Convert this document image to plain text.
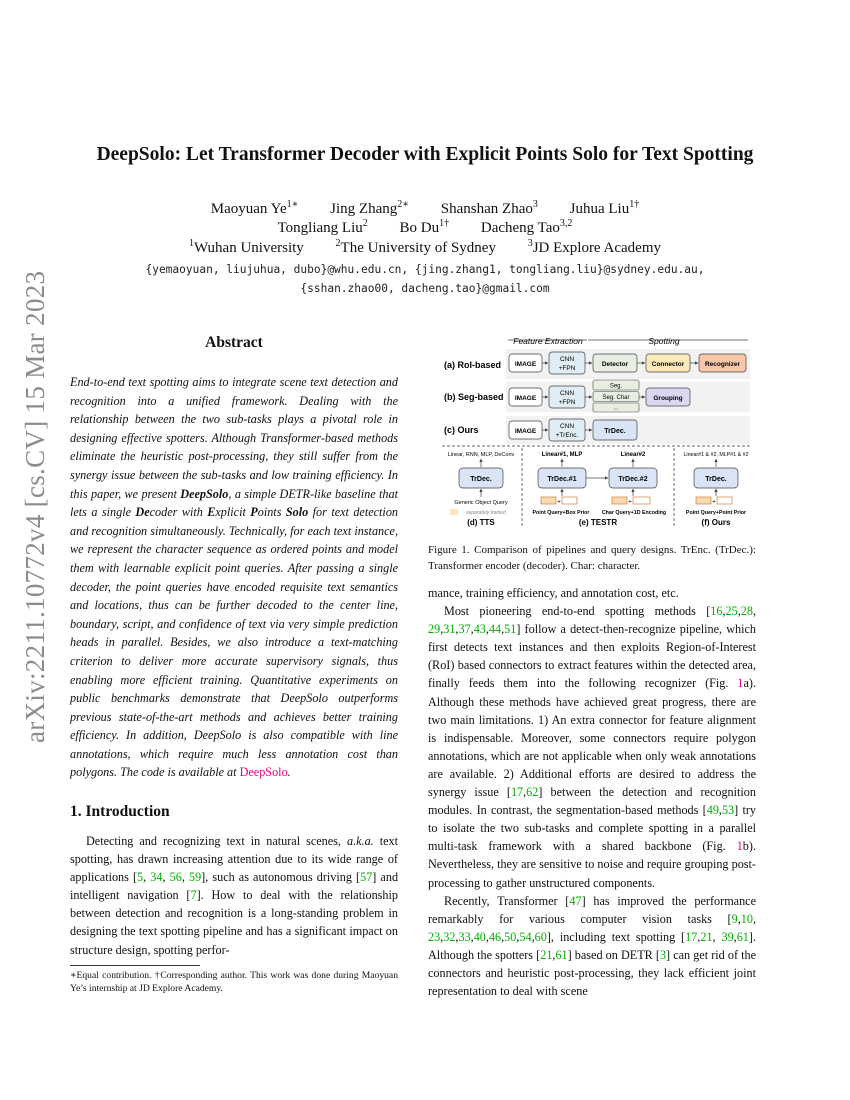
arXiv:2211.10772v4 [cs.CV] 15 Mar 2023
DeepSolo: Let Transformer Decoder with Explicit Points Solo for Text Spotting
Maoyuan $Ye^{1∗}$ Jing Zhang$^{2∗}$ Shanshan Zhao$^3$ Juhua Liu$^{1\dagger}$
Tongliang Liu$^2$ Bo $Du^{1\dagger}$ Dacheng Tao$^{3,2}$
$^1$Wuhan University	$^2$The University of Sydney	$^3$JD Explore Academy
{yemaoyuan, liujuhua, dubo}@whu.edu.cn, {jing.zhang1, tongliang.liu}@sydney.edu.au,
{sshan.zhao00, dacheng.tao}@gmail.com
Abstract
End-to-end text spotting aims to integrate scene text detection and recognition into a unified framework. Dealing with the relationship between the two sub-tasks plays a pivotal role in designing effective spotters. Although Transformer-based methods eliminate the heuristic post-processing, they still suffer from the synergy issue between the sub-tasks and low training efficiency. In this paper, we present DeepSolo, a simple DETR-like baseline that lets a single Decoder with Explicit Points Solo for text detection and recognition simultaneously. Technically, for each text instance, we represent the character sequence as ordered points and model them with learnable explicit point queries. After passing a single decoder, the point queries have encoded requisite text semantics and locations, thus can be further decoded to the center line, boundary, script, and confidence of text via very simple prediction heads in parallel. Besides, we also introduce a text-matching criterion to deliver more accurate supervisory signals, thus enabling more efficient training. Quantitative experiments on public benchmarks demonstrate that DeepSolo outperforms previous state-of-the-art methods and achieves better training efficiency. In addition, DeepSolo is also compatible with line annotations, which require much less annotation cost than polygons. The code is available at DeepSolo.
1. Introduction

Detecting and recognizing text in natural scenes, a.k.a. text spotting, has drawn increasing attention due to its wide range of applications [5, 34, 56, 59], such as autonomous driving [57] and intelligent navigation [7]. How to deal with the relationship between detection and recognition is a long-standing problem in designing the text spotting pipeline and has a significant impact on structure design, spotting perfor-

∗Equal contribution. †Corresponding author. This work was done during Maoyuan Ye’s internship at JD Explore Academy.
Feature Extraction	Spotting
(a) RoI-based
(b) Seg-based
(c) Ours
IMAGE
CNN
+FPN
Detector	Connector	Recognizer
IMAGE
CNN
+FPN
Seg.
Seg. Char
...
Grouping
IMAGE
CNN
+TrEnc.
TrDec.
Linear, RNN, MLP, DeConv
TrDec.
Generic Object Query
separately trained
(d) TTS
Linear#1, MLP	Linear#2
TrDec.#1	TrDec.#2
+	+
Point Query+Box Prior Char Query+1D Encoding
(e) TESTR
Linear#1 & #2, MLP#1 & #2
TrDec.
+
Point Query+Point Prior
(f) Ours
Figure 1. Comparison of pipelines and query designs. TrEnc. (TrDec.): Transformer encoder (decoder). Char: character.

mance, training efficiency, and annotation cost, etc.

Most pioneering end-to-end spotting methods [16,25,28, 29,31,37,43,44,51] follow a detect-then-recognize pipeline, which first detects text instances and then exploits Region-of-Interest (RoI) based connectors to extract features within the detected area, finally feeds them into the following recognizer (Fig. 1a). Although these methods have achieved great progress, there are two main limitations. 1) An extra connector for feature alignment is indispensable. Moreover, some connectors require polygon annotations, which are not applicable when only weak annotations are available. 2) Additional efforts are desired to address the synergy issue [17,62] between the detection and recognition modules. In contrast, the segmentation-based methods [49,53] try to isolate the two sub-tasks and complete spotting in a parallel multi-task framework with a shared backbone (Fig. 1b). Nevertheless, they are sensitive to noise and require grouping post-processing to gather unstructured components.

Recently, Transformer [47] has improved the performance remarkably for various computer vision tasks [9,10, 23,32,33,40,46,50,54,60], including text spotting [17,21, 39,61]. Although the spotters [21,61] based on DETR [3] can get rid of the connectors and heuristic post-processing, they lack efficient joint representation to deal with scene
